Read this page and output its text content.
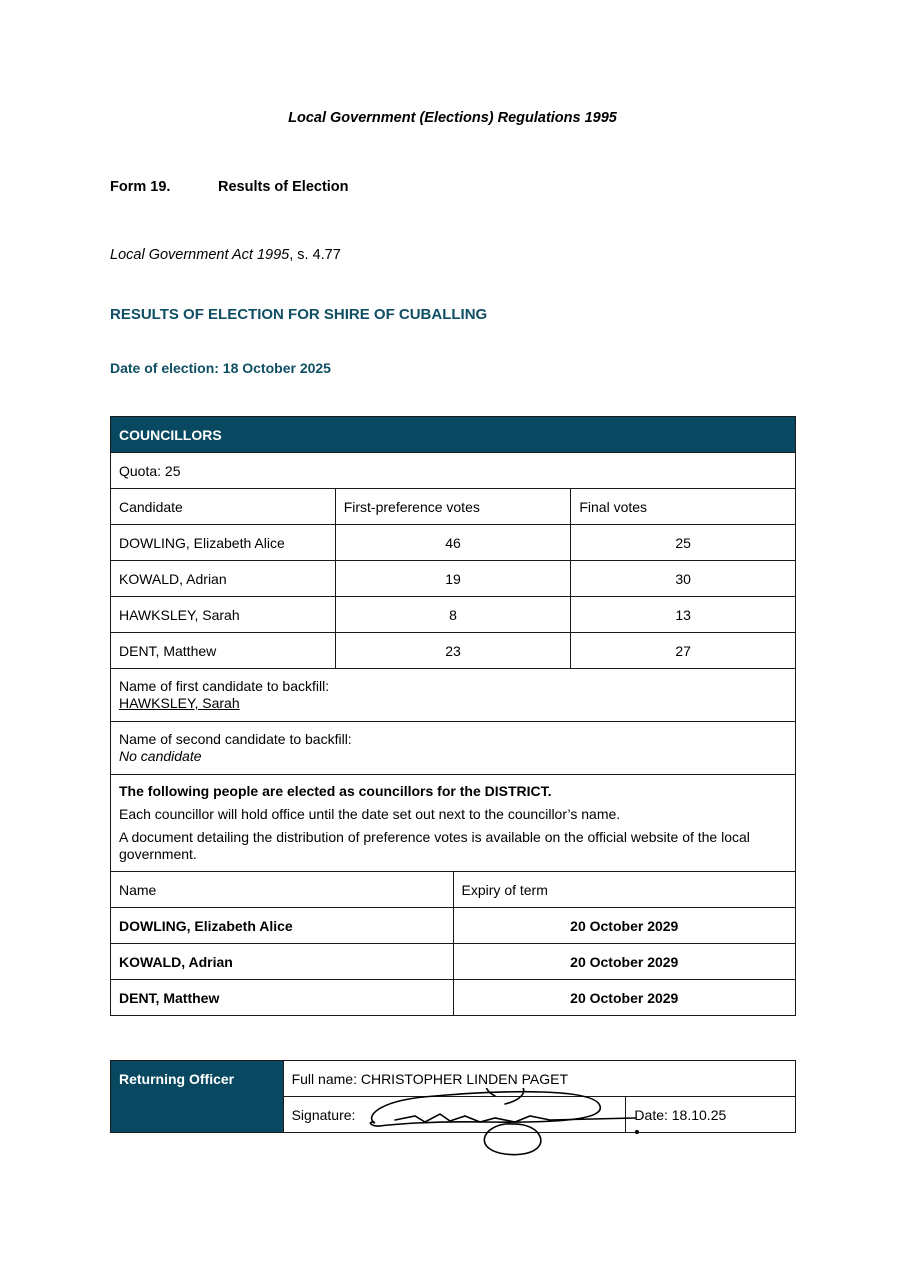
Local Government (Elections) Regulations 1995
Form 19.	Results of Election
Local Government Act 1995, s. 4.77
RESULTS OF ELECTION FOR SHIRE OF CUBALLING
Date of election: 18 October 2025
COUNCILLORS			
Quota: 25			
Candidate	First-preference votes		Final votes
DOWLING, Elizabeth Alice	46		25
KOWALD, Adrian	19		30
HAWKSLEY, Sarah	8		13
DENT, Matthew	23		27

Name of first candidate to backfill:
HAWKSLEY, Sarah			

Name of second candidate to backfill:
No candidate			

The following people are elected as councillors for the DISTRICT.

Each councillor will hold office until the date set out next to the councillor’s name.

A document detailing the distribution of preference votes is available on the official website of the local government.			

Name		Expiry of term	
DOWLING, Elizabeth Alice		20 October 2029	
KOWALD, Adrian		20 October 2029	
DENT, Matthew		20 October 2029	
Returning Officer	Full name: CHRISTOPHER LINDEN PAGET	
	Signature:	Date: 18.10.25
